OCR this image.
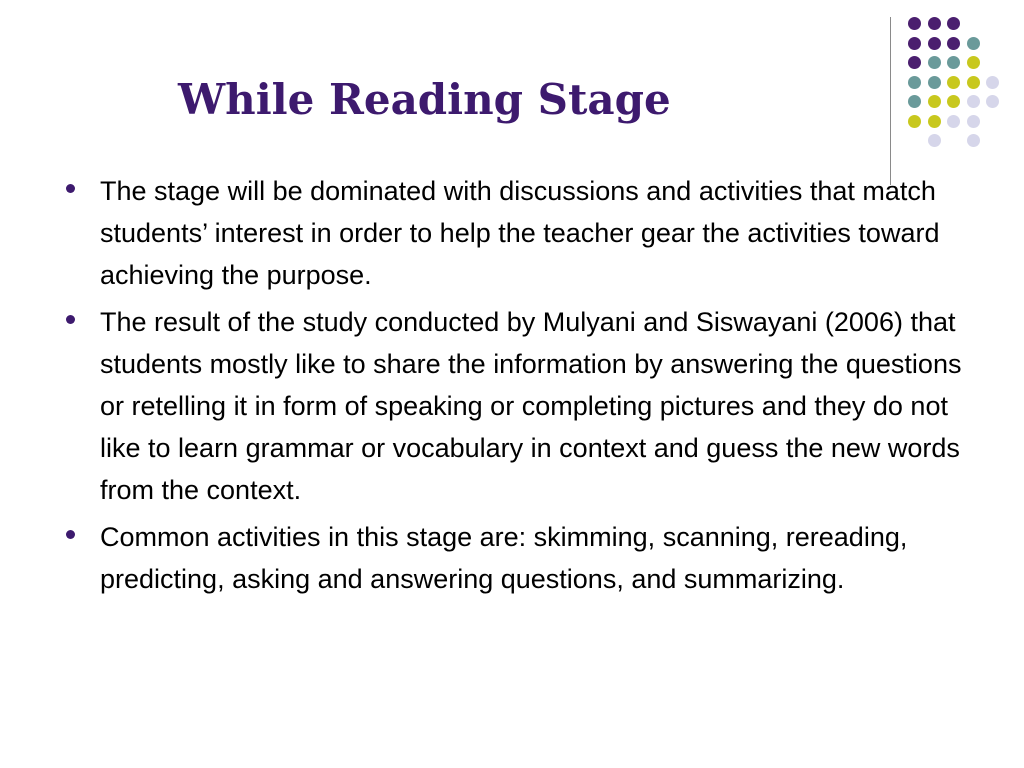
While Reading Stage
The stage will be dominated with discussions and activities that match students’ interest in order to help the teacher gear the activities toward achieving the purpose.
The result of the study conducted by Mulyani and Siswayani (2006) that students mostly like to share the information by answering the questions or retelling it in form of speaking or completing pictures and they do not like to learn grammar or vocabulary in context and guess the new words from the context.
Common activities in this stage are: skimming, scanning, rereading, predicting, asking and answering questions, and summarizing.
